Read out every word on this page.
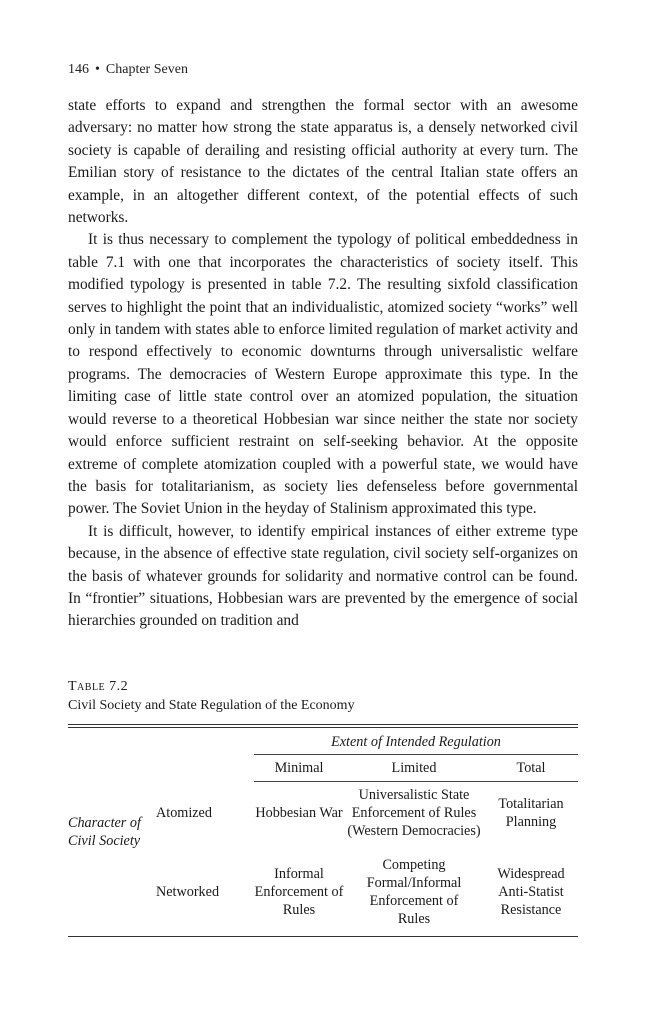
146 • Chapter Seven

state efforts to expand and strengthen the formal sector with an awesome adversary: no matter how strong the state apparatus is, a densely networked civil society is capable of derailing and resisting official authority at every turn. The Emilian story of resistance to the dictates of the central Italian state offers an example, in an altogether different context, of the potential effects of such networks.

It is thus necessary to complement the typology of political embeddedness in table 7.1 with one that incorporates the characteristics of society itself. This modified typology is presented in table 7.2. The resulting sixfold classification serves to highlight the point that an individualistic, atomized society “works” well only in tandem with states able to enforce limited regulation of market activity and to respond effectively to economic downturns through universalistic welfare programs. The democracies of Western Europe approximate this type. In the limiting case of little state control over an atomized population, the situation would reverse to a theoretical Hobbesian war since neither the state nor society would enforce sufficient restraint on self-seeking behavior. At the opposite extreme of complete atomization coupled with a powerful state, we would have the basis for totalitarianism, as society lies defenseless before governmental power. The Soviet Union in the heyday of Stalinism approximated this type.

It is difficult, however, to identify empirical instances of either extreme type because, in the absence of effective state regulation, civil society self-organizes on the basis of whatever grounds for solidarity and normative control can be found. In “frontier” situations, Hobbesian wars are prevented by the emergence of social hierarchies grounded on tradition and

Table 7.2
Civil Society and State Regulation of the Economy
		Extent of Intended Regulation		
		Minimal	Limited	Total
Character of Civil Society	Atomized	Hobbesian War	Universalistic State Enforcement of Rules (Western Democracies)	Totalitarian Planning
	Networked	Informal Enforcement of Rules	Competing Formal/Informal Enforcement of Rules	Widespread Anti-Statist Resistance
